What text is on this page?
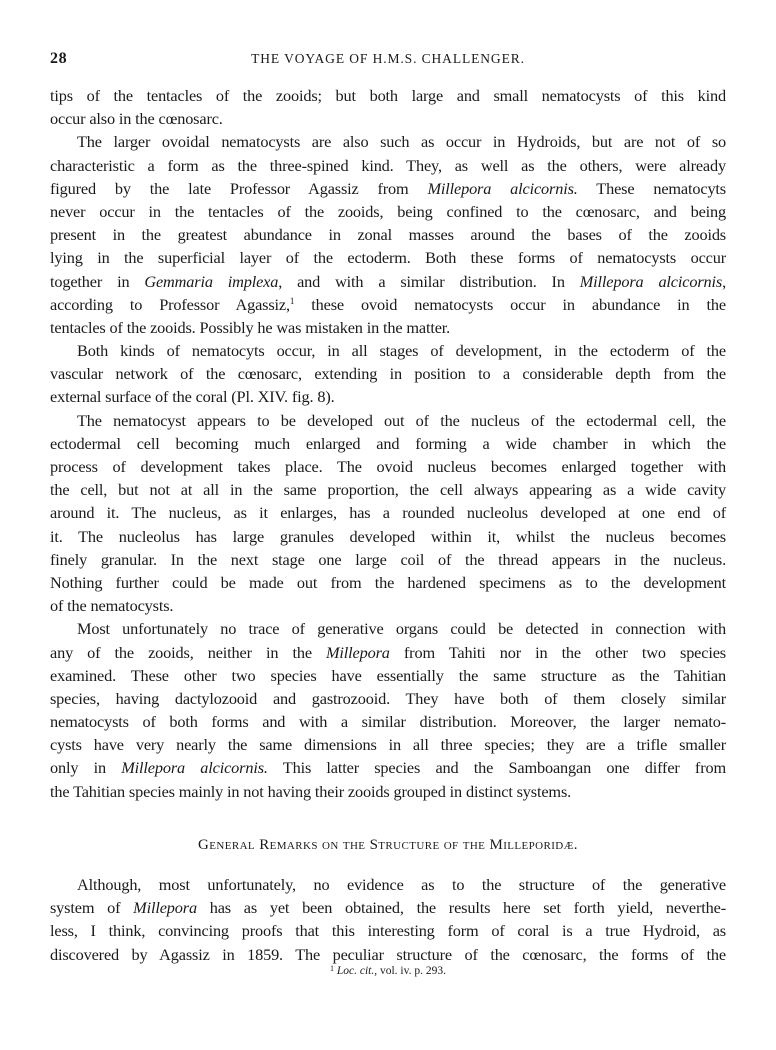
28	THE VOYAGE OF H.M.S. CHALLENGER.
tips of the tentacles of the zooids; but both large and small nematocysts of this kind
occur also in the cœnosarc.
The larger ovoidal nematocysts are also such as occur in Hydroids, but are not of so
characteristic a form as the three-spined kind. They, as well as the others, were already
figured by the late Professor Agassiz from Millepora alcicornis. These nematocyts
never occur in the tentacles of the zooids, being confined to the cœnosarc, and being
present in the greatest abundance in zonal masses around the bases of the zooids
lying in the superficial layer of the ectoderm. Both these forms of nematocysts occur
together in Gemmaria implexa, and with a similar distribution. In Millepora alcicornis,
according to Professor Agassiz,$^1$ these ovoid nematocysts occur in abundance in the
tentacles of the zooids. Possibly he was mistaken in the matter.
Both kinds of nematocyts occur, in all stages of development, in the ectoderm of the
vascular network of the cœnosarc, extending in position to a considerable depth from the
external surface of the coral (Pl. XIV. fig. 8).
The nematocyst appears to be developed out of the nucleus of the ectodermal cell, the
ectodermal cell becoming much enlarged and forming a wide chamber in which the
process of development takes place. The ovoid nucleus becomes enlarged together with
the cell, but not at all in the same proportion, the cell always appearing as a wide cavity
around it. The nucleus, as it enlarges, has a rounded nucleolus developed at one end of
it. The nucleolus has large granules developed within it, whilst the nucleus becomes
finely granular. In the next stage one large coil of the thread appears in the nucleus.
Nothing further could be made out from the hardened specimens as to the development
of the nematocysts.
Most unfortunately no trace of generative organs could be detected in connection with
any of the zooids, neither in the Millepora from Tahiti nor in the other two species
examined. These other two species have essentially the same structure as the Tahitian
species, having dactylozooid and gastrozooid. They have both of them closely similar
nematocysts of both forms and with a similar distribution. Moreover, the larger nemato-
cysts have very nearly the same dimensions in all three species; they are a trifle smaller
only in Millepora alcicornis. This latter species and the Samboangan one differ from
the Tahitian species mainly in not having their zooids grouped in distinct systems.
General Remarks on the Structure of the Milleporidæ.
Although, most unfortunately, no evidence as to the structure of the generative
system of Millepora has as yet been obtained, the results here set forth yield, neverthe-
less, I think, convincing proofs that this interesting form of coral is a true Hydroid, as
discovered by Agassiz in 1859. The peculiar structure of the cœnosarc, the forms of the
$^1$ Loc. cit., vol. iv. p. 293.
